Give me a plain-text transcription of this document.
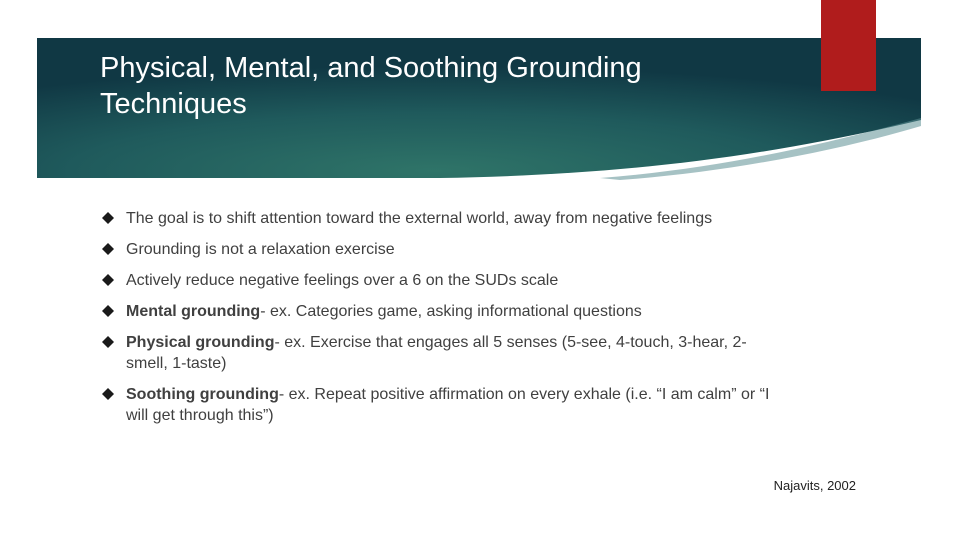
Physical, Mental, and Soothing Grounding Techniques
The goal is to shift attention toward the external world, away from negative feelings
Grounding is not a relaxation exercise
Actively reduce negative feelings over a 6 on the SUDs scale
Mental grounding- ex. Categories game, asking informational questions
Physical grounding- ex. Exercise that engages all 5 senses (5-see, 4-touch, 3-hear, 2-smell, 1-taste)
Soothing grounding- ex. Repeat positive affirmation on every exhale (i.e. “I am calm” or “I will get through this”)
Najavits, 2002
